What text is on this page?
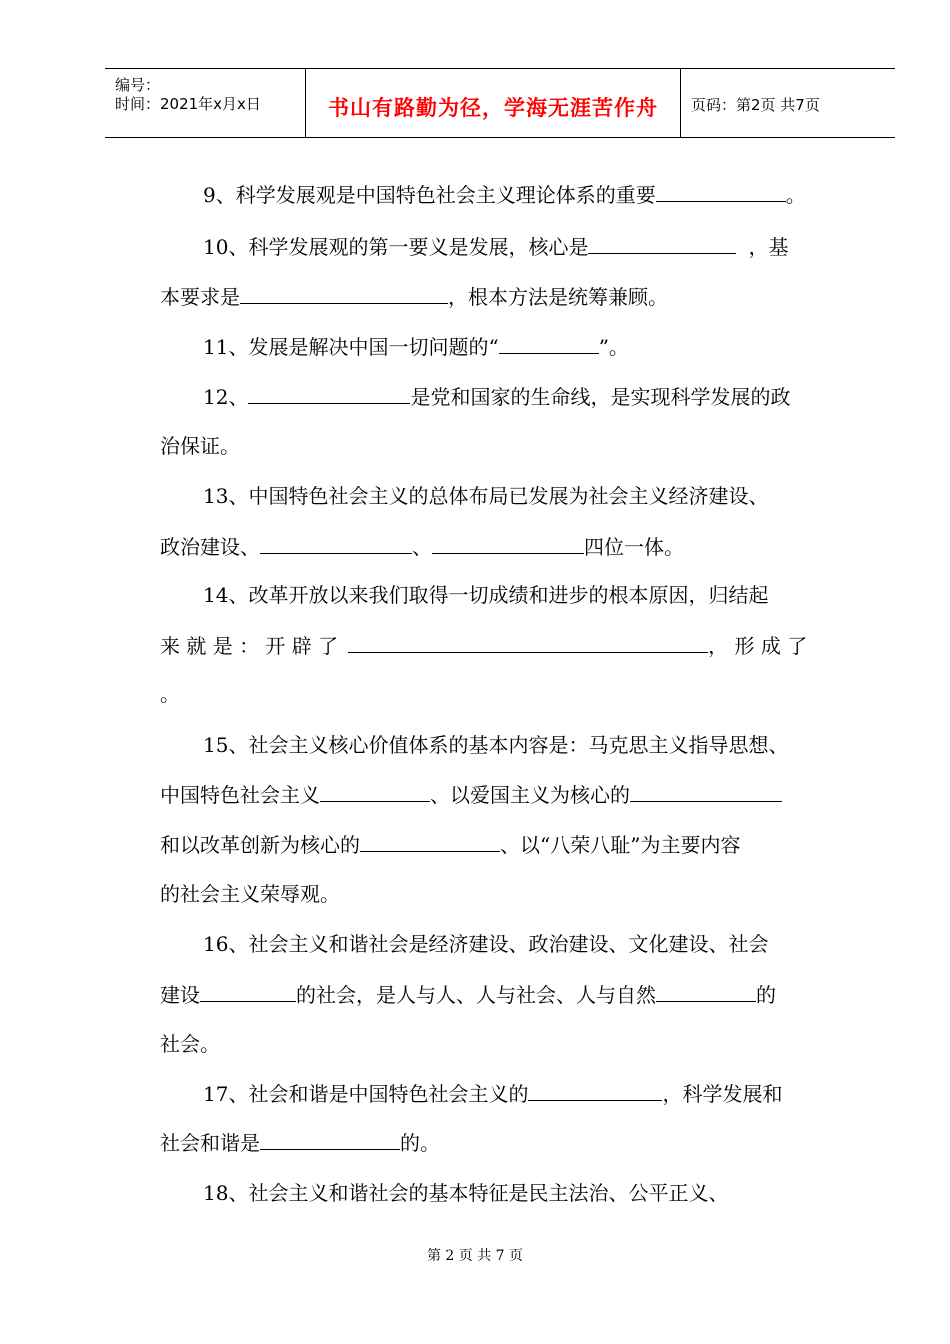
编号：
时间：2021年x月x日	书山有路勤为径，学海无涯苦作舟	页码：第2页 共7页
9、科学发展观是中国特色社会主义理论体系的重要	。
10、科学发展观的第一要义是发展，核心是	，基
本要求是	，根本方法是统筹兼顾。
11、发展是解决中国一切问题的“	”。
12、	是党和国家的生命线，是实现科学发展的政
治保证。
13、中国特色社会主义的总体布局已发展为社会主义经济建设、
政治建设、	、	四位一体。
14、改革开放以来我们取得一切成绩和进步的根本原因，归结起
来 就 是 ： 开 辟 了	， 形 成 了
。
15、社会主义核心价值体系的基本内容是：马克思主义指导思想、
中国特色社会主义	、以爱国主义为核心的
和以改革创新为核心的	、以“八荣八耻”为主要内容
的社会主义荣辱观。
16、社会主义和谐社会是经济建设、政治建设、文化建设、社会
建设	的社会，是人与人、人与社会、人与自然	的
社会。
17、社会和谐是中国特色社会主义的	，科学发展和
社会和谐是	的。
18、社会主义和谐社会的基本特征是民主法治、公平正义、
第 2 页 共 7 页
